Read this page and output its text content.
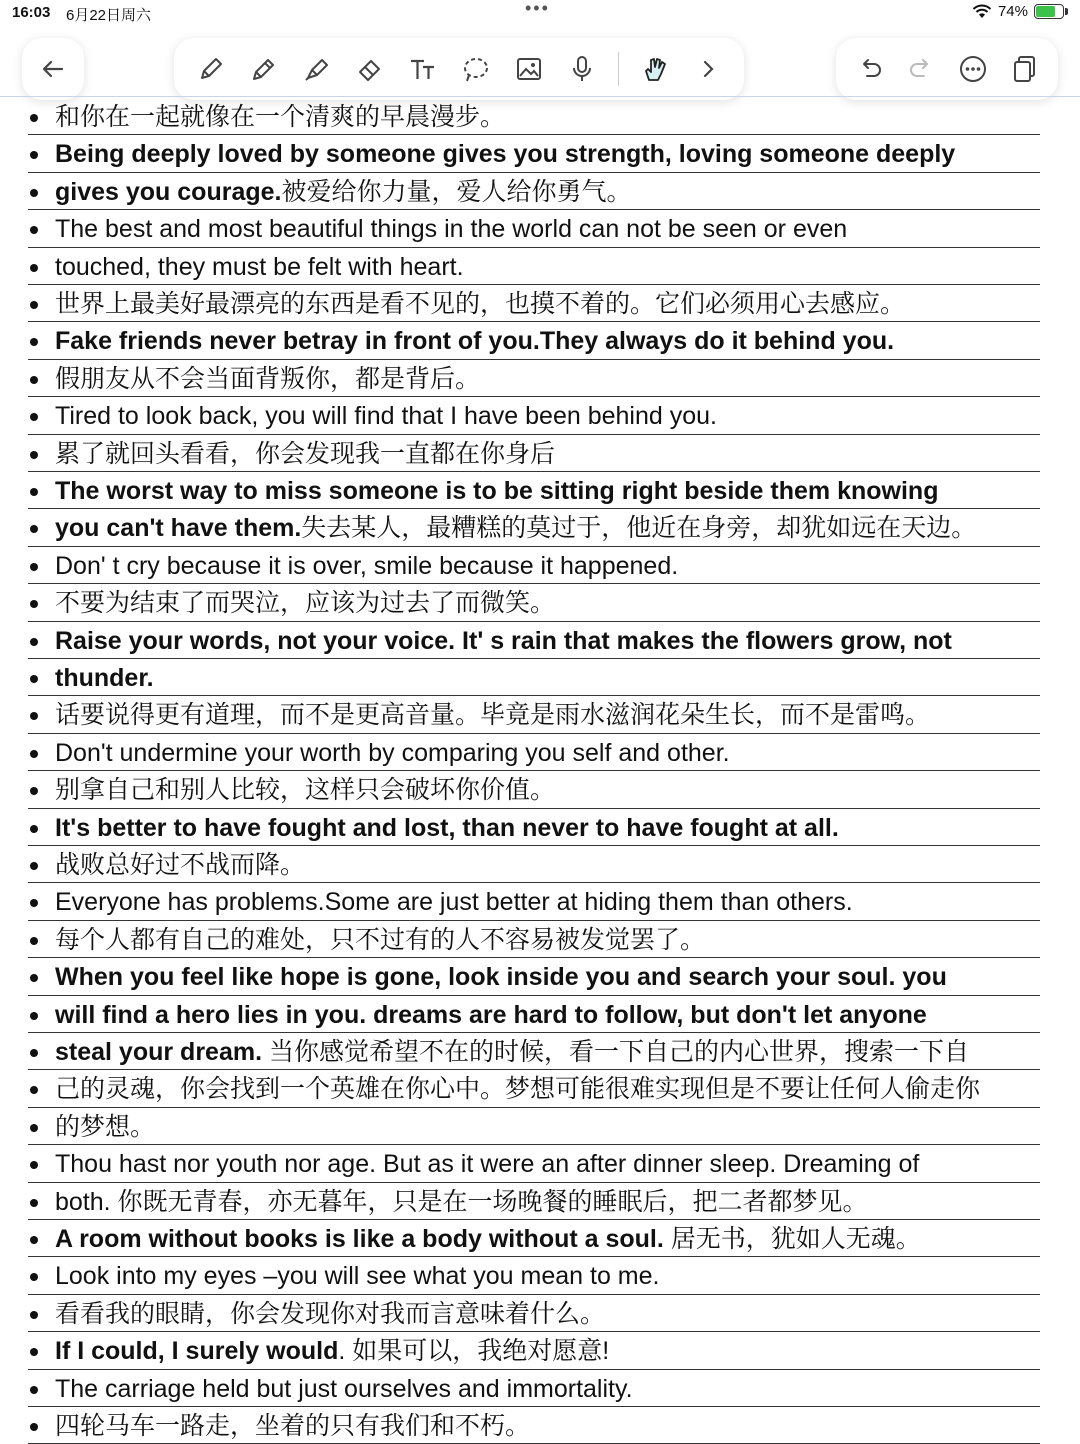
16:03 6月22日周六	•••	74%
和你在一起就像在一个清爽的早晨漫步。
Being deeply loved by someone gives you strength, loving someone deeply
gives you courage.被爱给你力量，爱人给你勇气。
The best and most beautiful things in the world can not be seen or even
touched, they must be felt with heart.
世界上最美好最漂亮的东西是看不见的，也摸不着的。它们必须用心去感应。
Fake friends never betray in front of you.They always do it behind you.
假朋友从不会当面背叛你，都是背后。
Tired to look back, you will find that I have been behind you.
累了就回头看看，你会发现我一直都在你身后
The worst way to miss someone is to be sitting right beside them knowing
you can't have them.失去某人，最糟糕的莫过于，他近在身旁，却犹如远在天边。
Don' t cry because it is over, smile because it happened.
不要为结束了而哭泣，应该为过去了而微笑。
Raise your words, not your voice. It' s rain that makes the flowers grow, not
thunder.
话要说得更有道理，而不是更高音量。毕竟是雨水滋润花朵生长，而不是雷鸣。
Don't undermine your worth by comparing you self and other.
别拿自己和别人比较，这样只会破坏你价值。
It's better to have fought and lost, than never to have fought at all.
战败总好过不战而降。
Everyone has problems.Some are just better at hiding them than others.
每个人都有自己的难处，只不过有的人不容易被发觉罢了。
When you feel like hope is gone, look inside you and search your soul. you
will find a hero lies in you. dreams are hard to follow, but don't let anyone
steal your dream. 当你感觉希望不在的时候，看一下自己的内心世界，搜索一下自
己的灵魂，你会找到一个英雄在你心中。梦想可能很难实现但是不要让任何人偷走你
的梦想。
Thou hast nor youth nor age. But as it were an after dinner sleep. Dreaming of
both. 你既无青春，亦无暮年，只是在一场晚餐的睡眠后，把二者都梦见。
A room without books is like a body without a soul. 居无书，犹如人无魂。
Look into my eyes –you will see what you mean to me.
看看我的眼睛，你会发现你对我而言意味着什么。
If I could, I surely would. 如果可以，我绝对愿意!
The carriage held but just ourselves and immortality.
四轮马车一路走，坐着的只有我们和不朽。
